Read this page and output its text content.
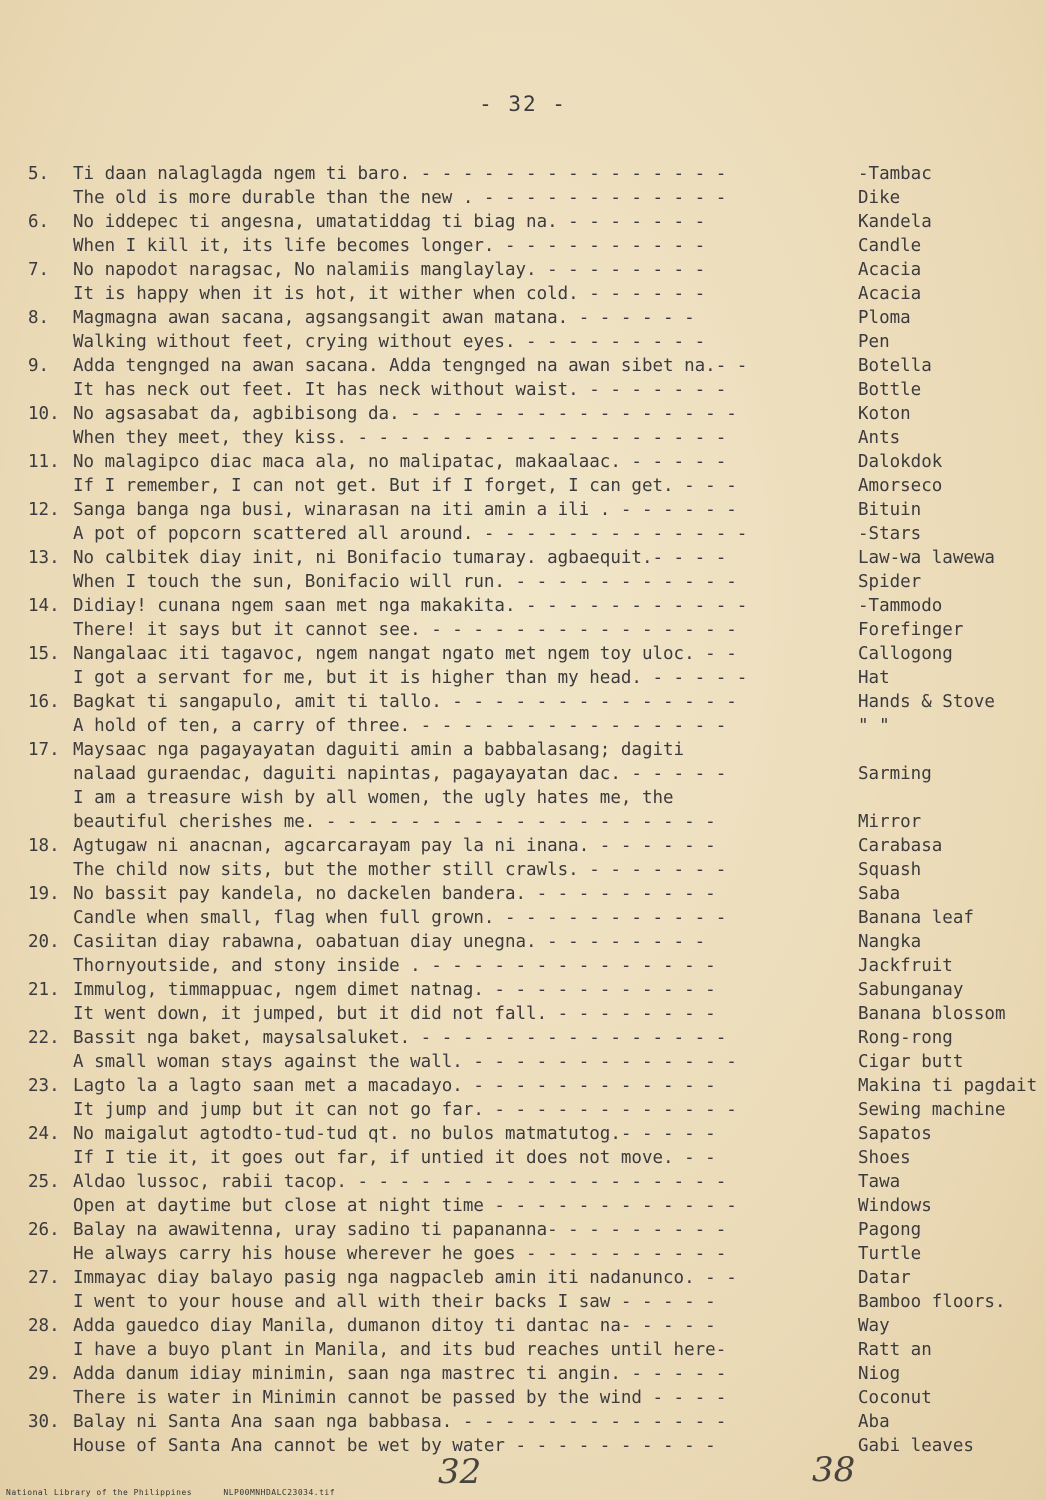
- 32 -
5.	Ti daan nalaglagda ngem ti baro. - - - - - - - - - - - - - - -	-Tambac
The old is more durable than the new . - - - - - - - - - - - -	Dike
6.	No iddepec ti angesna, umatatiddag ti biag na. - - - - - - -	Kandela
When I kill it, its life becomes longer. - - - - - - - - - -	Candle
7.	No napodot naragsac, No nalamiis manglaylay. - - - - - - - -	Acacia
It is happy when it is hot, it wither when cold. - - - - - -	Acacia
8.	Magmagna awan sacana, agsangsangit awan matana. - - - - - -	Ploma
Walking without feet, crying without eyes. - - - - - - - - -	Pen
9.	Adda tengnged na awan sacana. Adda tengnged na awan sibet na.- -	Botella
It has neck out feet. It has neck without waist. - - - - - - -	Bottle
10. No agsasabat da, agbibisong da. - - - - - - - - - - - - - - - -	Koton
When they meet, they kiss. - - - - - - - - - - - - - - - - - -	Ants
11. No malagipco diac maca ala, no malipatac, makaalaac. - - - - -	Dalokdok
If I remember, I can not get. But if I forget, I can get. - - -	Amorseco
12. Sanga banga nga busi, winarasan na iti amin a ili . - - - - - -	Bituin
A pot of popcorn scattered all around. - - - - - - - - - - - - -	-Stars
13. No calbitek diay init, ni Bonifacio tumaray. agbaequit.- - - -	Law-wa lawewa
When I touch the sun, Bonifacio will run. - - - - - - - - - - -	Spider
14. Didiay! cunana ngem saan met nga makakita. - - - - - - - - - - -	-Tammodo
There! it says but it cannot see. - - - - - - - - - - - - - - -	Forefinger
15. Nangalaac iti tagavoc, ngem nangat ngato met ngem toy uloc. - -	Callogong
I got a servant for me, but it is higher than my head. - - - - -	Hat
16. Bagkat ti sangapulo, amit ti tallo. - - - - - - - - - - - - - -	Hands & Stove
A hold of ten, a carry of three. - - - - - - - - - - - - - - -	" "
17. Maysaac nga pagayayatan daguiti amin a babbalasang; dagiti
nalaad guraendac, daguiti napintas, pagayayatan dac. - - - - -	Sarming
I am a treasure wish by all women, the ugly hates me, the
beautiful cherishes me. - - - - - - - - - - - - - - - - - - -	Mirror
18. Agtugaw ni anacnan, agcarcarayam pay la ni inana. - - - - - -	Carabasa
The child now sits, but the mother still crawls. - - - - - - -	Squash
19. No bassit pay kandela, no dackelen bandera. - - - - - - - - -	Saba
Candle when small, flag when full grown. - - - - - - - - - - -	Banana leaf
20. Casiitan diay rabawna, oabatuan diay unegna. - - - - - - - -	Nangka
Thornyoutside, and stony inside . - - - - - - - - - - - - - -	Jackfruit
21. Immulog, timmappuac, ngem dimet natnag. - - - - - - - - - - -	Sabunganay
It went down, it jumped, but it did not fall. - - - - - - - -	Banana blossom
22. Bassit nga baket, maysalsaluket. - - - - - - - - - - - - - - -	Rong-rong
A small woman stays against the wall. - - - - - - - - - - - - -	Cigar butt
23. Lagto la a lagto saan met a macadayo. - - - - - - - - - - - -	Makina ti pagdait
It jump and jump but it can not go far. - - - - - - - - - - - -	Sewing machine
24. No maigalut agtodto-tud-tud qt. no bulos matmatutog.- - - - -	Sapatos
If I tie it, it goes out far, if untied it does not move. - -	Shoes
25. Aldao lussoc, rabii tacop. - - - - - - - - - - - - - - - - - -	Tawa
Open at daytime but close at night time - - - - - - - - - - - -	Windows
26. Balay na awawitenna, uray sadino ti papananna- - - - - - - - -	Pagong
He always carry his house wherever he goes - - - - - - - - - -	Turtle
27. Immayac diay balayo pasig nga nagpacleb amin iti nadanunco. - -	Datar
I went to your house and all with their backs I saw - - - - -	Bamboo floors.
28. Adda gauedco diay Manila, dumanon ditoy ti dantac na- - - - -	Way
I have a buyo plant in Manila, and its bud reaches until here-	Ratt an
29. Adda danum idiay minimin, saan nga mastrec ti angin. - - - - -	Niog
There is water in Minimin cannot be passed by the wind - - - -	Coconut
30. Balay ni Santa Ana saan nga babbasa. - - - - - - - - - - - - -	Aba
House of Santa Ana cannot be wet by water - - - - - - - - - -	Gabi leaves
National Library of the Philippines	NLP00MNHDALC23034.tif
32	38
